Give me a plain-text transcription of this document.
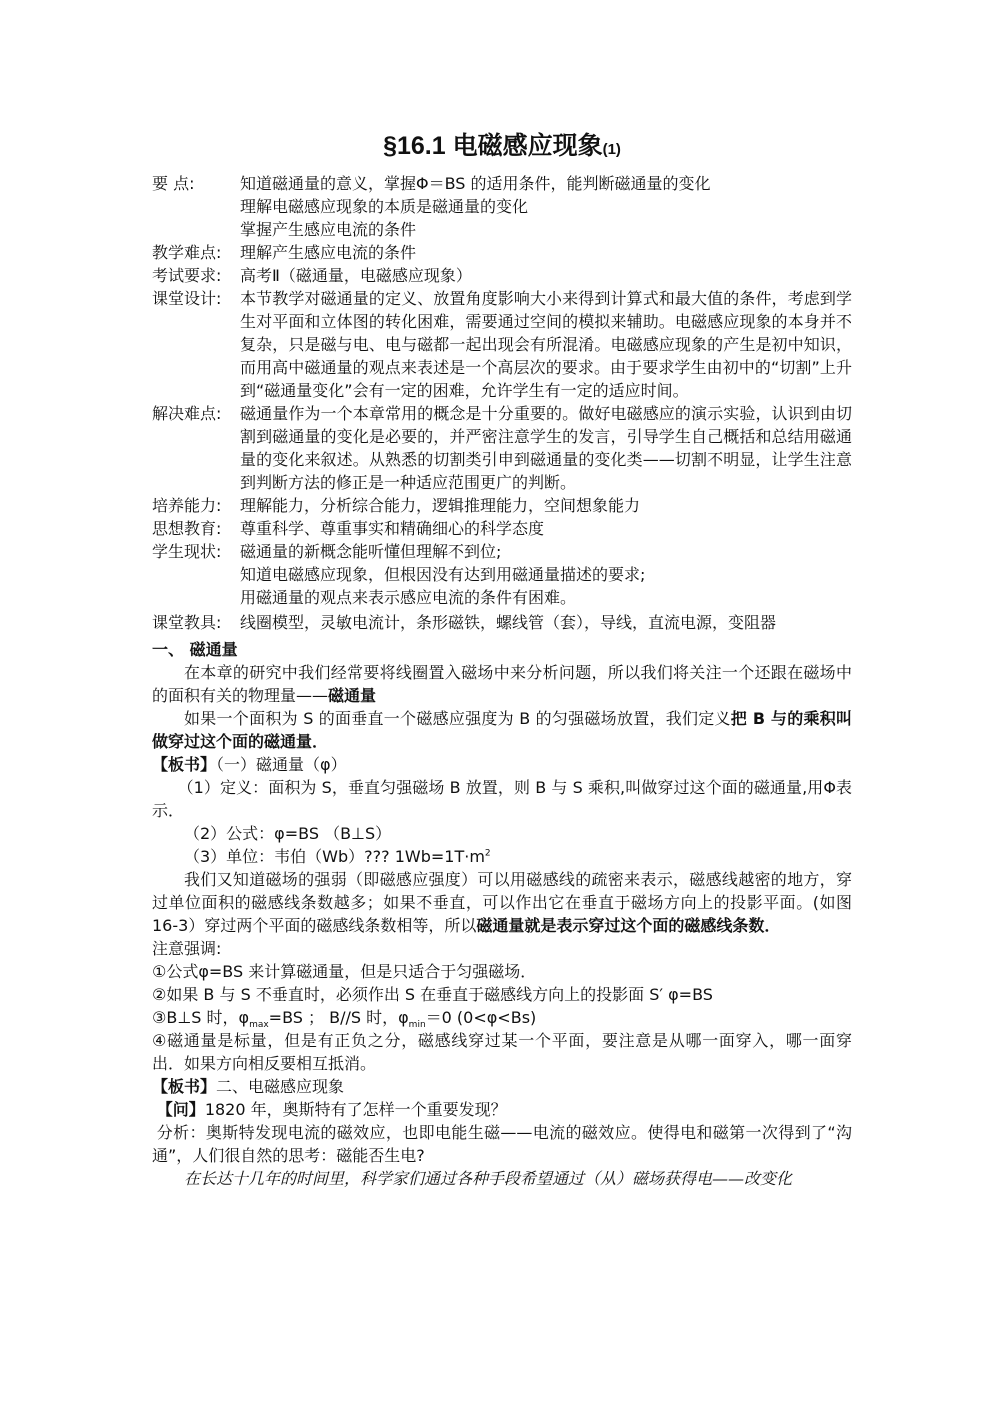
§16.1 电磁感应现象(1)
要 点:	知道磁通量的意义，掌握Φ＝BS 的适用条件，能判断磁通量的变化
理解电磁感应现象的本质是磁通量的变化
掌握产生感应电流的条件
教学难点:	理解产生感应电流的条件
考试要求:	高考Ⅱ（磁通量，电磁感应现象）
课堂设计:	本节教学对磁通量的定义、放置角度影响大小来得到计算式和最大值的条件，考虑到学生对平面和立体图的转化困难，需要通过空间的模拟来辅助。电磁感应现象的本身并不复杂，只是磁与电、电与磁都一起出现会有所混淆。电磁感应现象的产生是初中知识，而用高中磁通量的观点来表述是一个高层次的要求。由于要求学生由初中的“切割”上升到“磁通量变化”会有一定的困难，允许学生有一定的适应时间。
解决难点:	磁通量作为一个本章常用的概念是十分重要的。做好电磁感应的演示实验，认识到由切割到磁通量的变化是必要的，并严密注意学生的发言，引导学生自己概括和总结用磁通量的变化来叙述。从熟悉的切割类引申到磁通量的变化类——切割不明显，让学生注意到判断方法的修正是一种适应范围更广的判断。
培养能力:	理解能力，分析综合能力，逻辑推理能力，空间想象能力
思想教育:	尊重科学、尊重事实和精确细心的科学态度
学生现状:	磁通量的新概念能听懂但理解不到位;
知道电磁感应现象，但根因没有达到用磁通量描述的要求;
用磁通量的观点来表示感应电流的条件有困难。
课堂教具:	线圈模型，灵敏电流计，条形磁铁，螺线管（套），导线，直流电源，变阻器
一、 磁通量
在本章的研究中我们经常要将线圈置入磁场中来分析问题，所以我们将关注一个还跟在磁场中的面积有关的物理量——磁通量
如果一个面积为 S 的面垂直一个磁感应强度为 B 的匀强磁场放置，我们定义把 B 与的乘积叫做穿过这个面的磁通量．
【板书】（一）磁通量（φ）
（1）定义：面积为 S，垂直匀强磁场 B 放置，则 B 与 S 乘积,叫做穿过这个面的磁通量,用Φ表示．
（2）公式：φ=BS （B⊥S）
（3）单位：韦伯（Wb）??? $1Wb=1T\cdot m^2$
我们又知道磁场的强弱（即磁感应强度）可以用磁感线的疏密来表示，磁感线越密的地方，穿过单位面积的磁感线条数越多；如果不垂直，可以作出它在垂直于磁场方向上的投影平面。(如图 16-3）穿过两个平面的磁感线条数相等，所以磁通量就是表示穿过这个面的磁感线条数．
注意强调:
①公式φ=BS 来计算磁通量，但是只适合于匀强磁场．
②如果 B 与 S 不垂直时，必须作出 S 在垂直于磁感线方向上的投影面 S′ φ=BS
③B⊥S 时，$\varphi_{max}=BS$ ； B//S 时，$\varphi_{min}=0$ (0<φ<Bs)
④磁通量是标量，但是有正负之分，磁感线穿过某一个平面，要注意是从哪一面穿入，哪一面穿出．如果方向相反要相互抵消。
【板书】二、电磁感应现象
【问】1820 年，奥斯特有了怎样一个重要发现？
分析：奥斯特发现电流的磁效应，也即电能生磁——电流的磁效应。使得电和磁第一次得到了“沟通”，人们很自然的思考：磁能否生电?
在长达十几年的时间里，科学家们通过各种手段希望通过（从）磁场获得电——改变化
